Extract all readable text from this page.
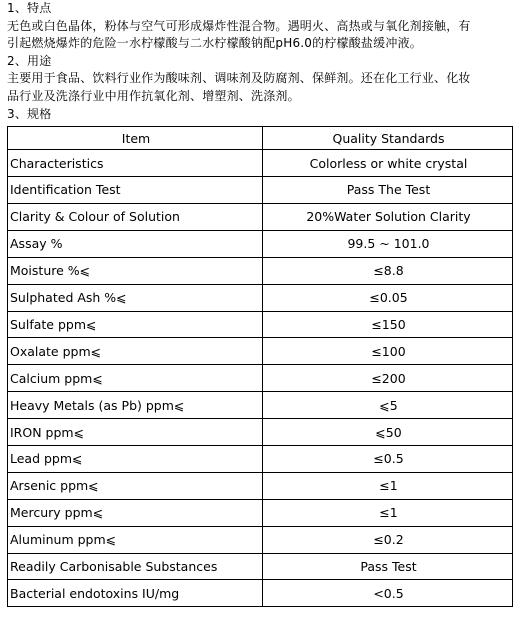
1、特点
无色或白色晶体，粉体与空气可形成爆炸性混合物。遇明火、高热或与氧化剂接触，有
引起燃烧爆炸的危险一水柠檬酸与二水柠檬酸钠配pH6.0的柠檬酸盐缓冲液。
2、用途
主要用于食品、饮料行业作为酸味剂、调味剂及防腐剂、保鲜剂。还在化工行业、化妆
品行业及洗涤行业中用作抗氧化剂、增塑剂、洗涤剂。
3、规格
Item	Quality Standards
Characteristics	Colorless or white crystal
Identification Test	Pass The Test
Clarity & Colour of Solution	20%Water Solution Clarity
Assay %	99.5 ~ 101.0
Moisture %⩽	≤8.8
Sulphated Ash %⩽	≤0.05
Sulfate ppm⩽	≤150
Oxalate ppm⩽	≤100
Calcium ppm⩽	≤200
Heavy Metals (as Pb) ppm⩽	⩽5
IRON ppm⩽	⩽50
Lead ppm⩽	≤0.5
Arsenic ppm⩽	≤1
Mercury ppm⩽	≤1
Aluminum ppm⩽	≤0.2
Readily Carbonisable Substances	Pass Test
Bacterial endotoxins IU/mg	<0.5
